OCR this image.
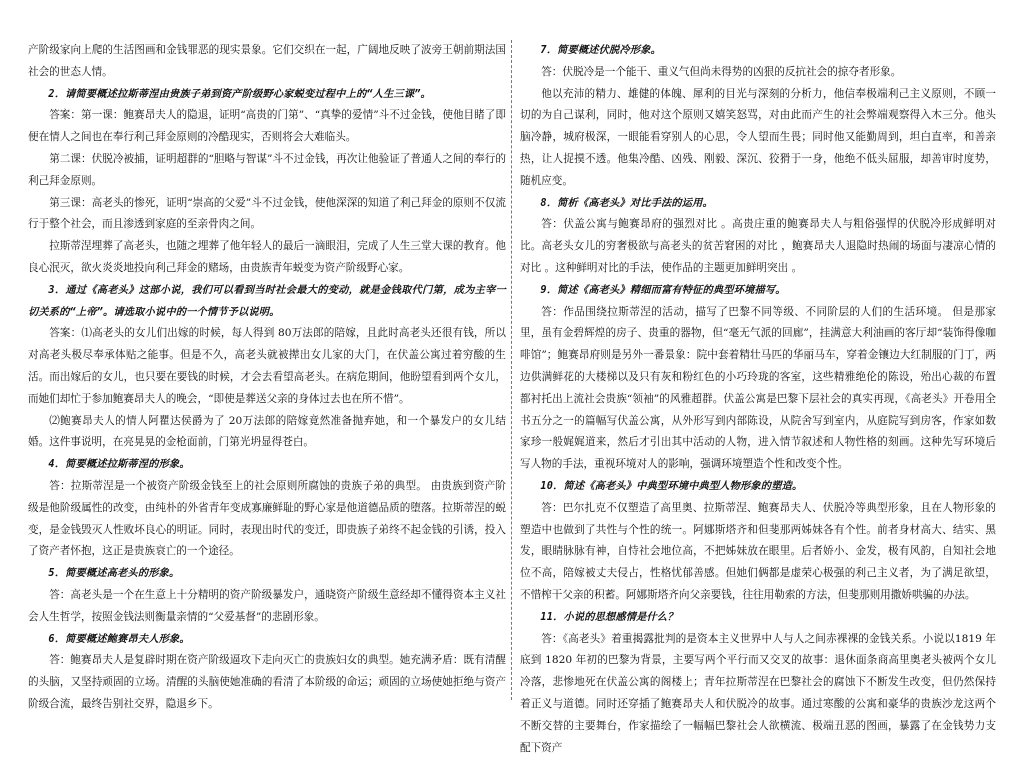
产阶级家向上爬的生活图画和金钱罪恶的现实景象。它们交织在一起，广阔地反映了波旁王朝前期法国社会的世态人情。

2．请简要概述拉斯蒂涅由贵族子弟到资产阶级野心家蜕变过程中上的“人生三课”。

答案：第一课：鲍赛昂夫人的隐退，证明“高贵的门第”、“真挚的爱情”斗不过金钱，使他目睹了即便在情人之间也在奉行利己拜金原则的冷酷现实，否则将会大难临头。

第二课：伏脱冷被捕，证明超群的“胆略与智谋”斗不过金钱，再次让他验证了普通人之间的奉行的利己拜金原则。

第三课：高老头的惨死，证明“崇高的父爱”斗不过金钱，使他深深的知道了利己拜金的原则不仅流行于整个社会，而且渗透到家庭的至亲骨肉之间。

拉斯蒂涅埋葬了高老头，也随之埋葬了他年轻人的最后一滴眼泪，完成了人生三堂大课的教育。他良心泯灭，欲火炎炎地投向利己拜金的赌场，由贵族青年蜕变为资产阶级野心家。

3．通过《高老头》这部小说，我们可以看到当时社会最大的变动，就是金钱取代门第，成为主宰一切关系的“上帝”。请选取小说中的一个情节予以说明。

答案：⑴高老头的女儿们出嫁的时候，每人得到 80万法郎的陪嫁，且此时高老头还很有钱，所以对高老头极尽奉承体贴之能事。但是不久，高老头就被撵出女儿家的大门，在伏盖公寓过着穷酸的生活。而出嫁后的女儿，也只要在要钱的时候，才会去看望高老头。在病危期间，他盼望看到两个女儿，而她们却忙于参加鲍赛昂夫人的晚会，“即使是葬送父亲的身体过去也在所不惜”。

⑵鲍赛昂夫人的情人阿瞿达侯爵为了 20万法郎的陪嫁竟然准备抛弃她，和一个暴发户的女儿结婚。这件事说明，在亮晃晃的金枪面前，门第光坍显得苍白。

4．简要概述拉斯蒂涅的形象。

答：拉斯蒂涅是一个被资产阶级金钱至上的社会原则所腐蚀的贵族子弟的典型。 由贵族到资产阶级是他阶级属性的改变，由纯朴的外省青年变成寡廉鲜耻的野心家是他道德品质的堕落。拉斯蒂涅的蜕变，是金钱毁灭人性败坏良心的明证。同时，表现出时代的变迁，即贵族子弟终不起金钱的引诱，投入了资产者怀抱，这正是贵族衰亡的一个途径。

5．简要概述高老头的形象。

答：高老头是一个在生意上十分精明的资产阶级暴发户，通晓资产阶级生意经却不懂得资本主义社会人生哲学，按照金钱法则衡量亲情的“父爱基督”的悲剧形象。

6．简要概述鲍赛昂夫人形象。

答：鲍赛昂夫人是复辟时期在资产阶级逼攻下走向灭亡的贵族妇女的典型。她充满矛盾：既有清醒的头脑，又坚持顽固的立场。清醒的头脑使她准确的看清了本阶级的命运；顽固的立场使她拒绝与资产阶级合流，最终告别社交界，隐退乡下。

7．简要概述伏脱冷形象。

答：伏脱冷是一个能干、重义气但尚未得势的凶狠的反抗社会的掠夺者形象。

他以充沛的精力、雄健的体魄、犀利的目光与深刻的分析力，他信奉极端利己主义原则，不顾一切的为自己谋利，同时，他对这个原则又嬉笑怒骂，对由此而产生的社会弊端观察得入木三分。他头脑冷静，城府极深，一眼能看穿别人的心思，令人望而生畏；同时他又能勤周到，坦白直率，和善亲热，让人捉摸不透。他集冷酷、凶残、刚毅、深沉、狡猾于一身，他绝不低头屈服，却善审时度势，随机应变。

8．简析《高老头》对比手法的运用。

答：伏盖公寓与鲍赛昂府的强烈对比 。高贵庄重的鲍赛昂夫人与粗俗强悍的伏脱冷形成鲜明对比。高老头女儿的穷奢极欲与高老头的贫苦窘困的对比 ，鲍赛昂夫人退隐时热闹的场面与凄凉心情的对比 。这种鲜明对比的手法，使作品的主题更加鲜明突出 。

9．简述《高老头》精细而富有特征的典型环境描写。

答：作品围绕拉斯蒂涅的活动，描写了巴黎不同等级、不同阶层的人们的生活环境。 但是那家里，虽有金碧辉煌的房子、贵重的器物，但“毫无气派的回廊”，挂满意大利油画的客厅却“装饰得像咖啡馆”；鲍赛昂府则是另外一番景象：院中套着精壮马匹的华丽马车，穿着金镶边大红制服的门丁，两边供满鲜花的大楼梯以及只有灰和粉红色的小巧玲珑的客室，这些精雅绝伦的陈设，殆出心裁的布置都衬托出上流社会贵族“领袖”的风雅超群。伏盖公寓是巴黎下层社会的真实再现，《高老头》开卷用全书五分之一的篇幅写伏盖公寓，从外形写到内部陈设，从院舍写到室内，从庭院写到房客，作家如数家珍一般娓娓道来，然后才引出其中活动的人物，进入情节叙述和人物性格的刻画。这种先写环境后写人物的手法，重视环境对人的影响，强调环境塑造个性和改变个性。

10．简述《高老头》中典型环境中典型人物形象的塑造。

答：巴尔扎克不仅塑造了高里奥、拉斯蒂涅、鲍赛昂夫人、伏脱冷等典型形象，且在人物形象的塑造中也做到了共性与个性的统一。阿娜斯塔齐和但斐那两姊妹各有个性。前者身材高大、结实、黑发，眼睛脉脉有神，自恃社会地位高，不把姊妹放在眼里。后者娇小、金发，极有风韵，自知社会地位不高，陪嫁被丈夫侵占，性格忧郁善感。但她们俩都是虚荣心极强的利己主义者，为了满足欲望，不惜榨干父亲的积蓄。阿娜斯塔齐向父亲要钱，往往用勒索的方法，但斐那则用撒娇哄骗的办法。

11．小说的思想感情是什么？

答：《高老头》着重揭露批判的是资本主义世界中人与人之间赤裸裸的金钱关系。小说以1819 年底到 1820 年初的巴黎为背景，主要写两个平行而又交叉的故事：退休面条商高里奥老头被两个女儿冷落，悲惨地死在伏盖公寓的阁楼上；青年拉斯蒂涅在巴黎社会的腐蚀下不断发生改变，但仍然保持着正义与道德。同时还穿插了鲍赛昂夫人和伏脱冷的故事。通过寒酸的公寓和豪华的贵族沙龙这两个不断交替的主要舞台，作家描绘了一幅幅巴黎社会人欲横流、极端丑恶的图画，暴露了在金钱势力支配下资产
